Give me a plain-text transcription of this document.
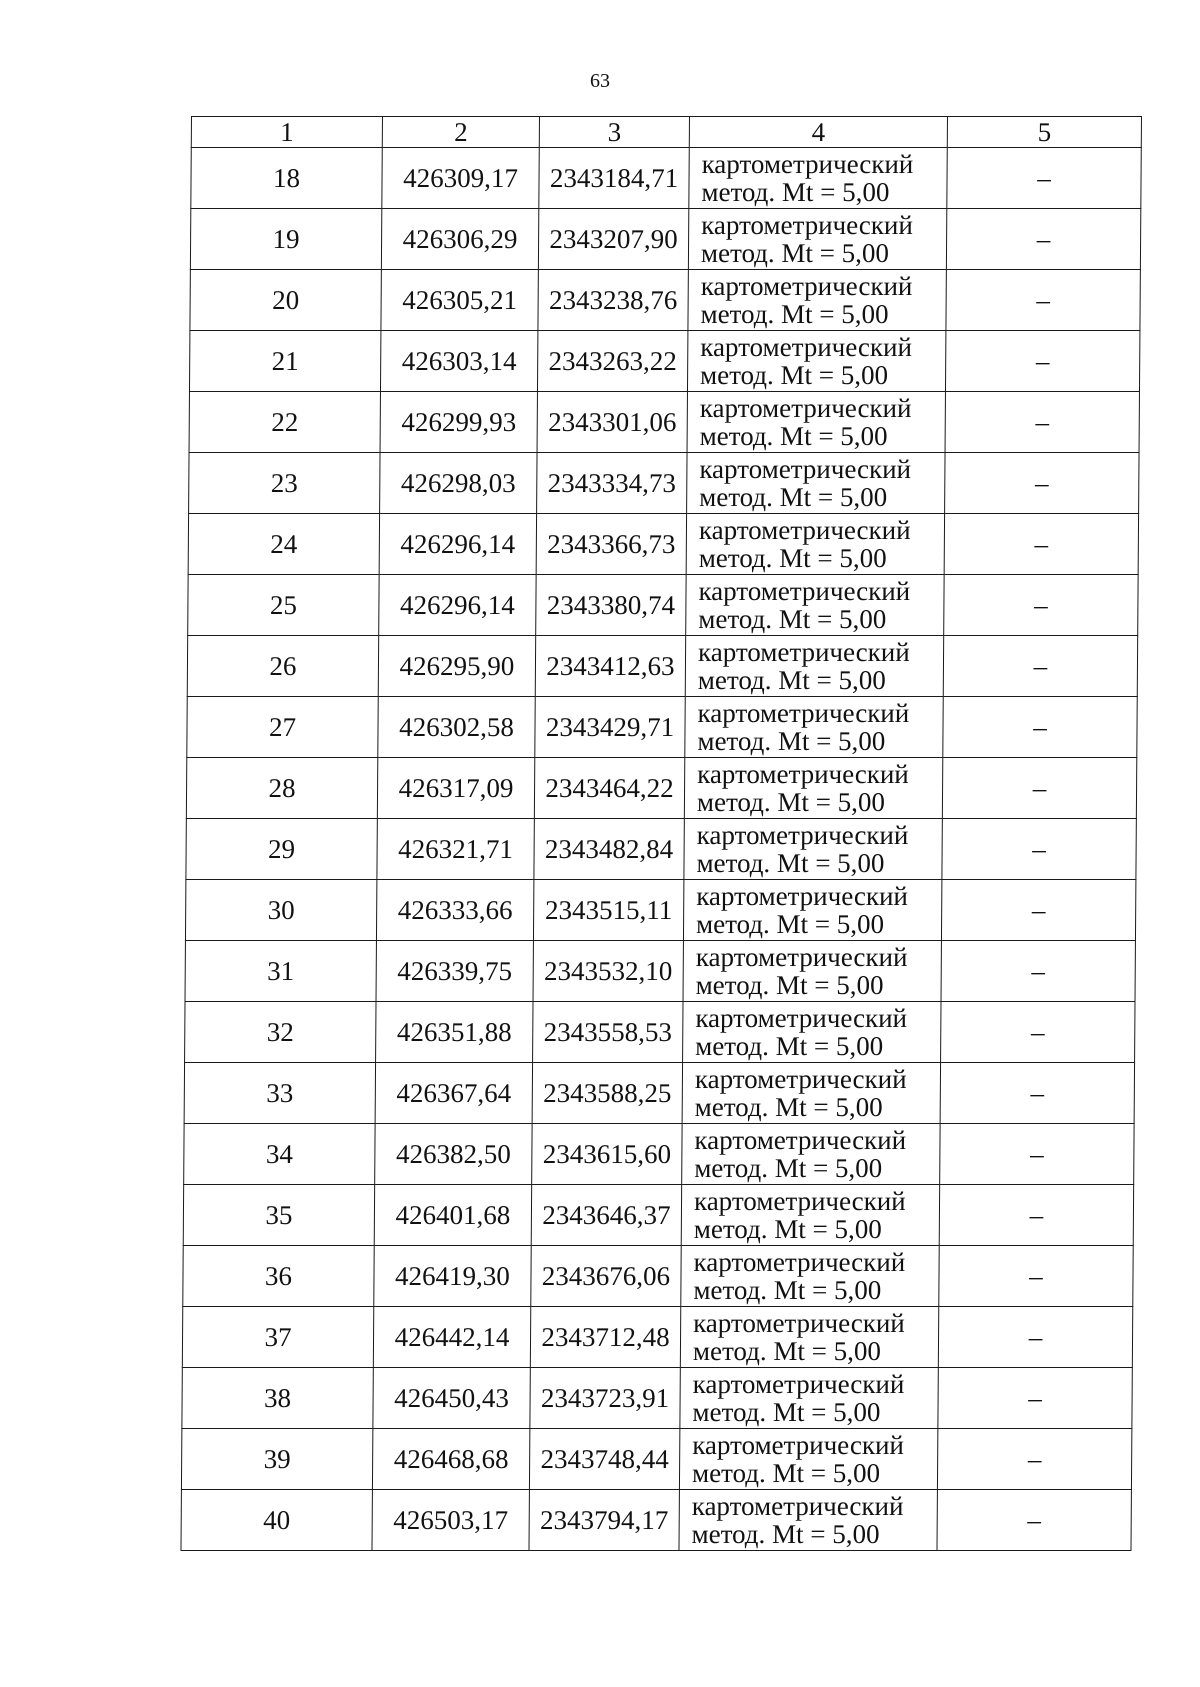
63
1	2	3	4	5
18	426309,17	2343184,71	картометрический
метод. Mt = 5,00	–
19	426306,29	2343207,90	картометрический
метод. Mt = 5,00	–
20	426305,21	2343238,76	картометрический
метод. Mt = 5,00	–
21	426303,14	2343263,22	картометрический
метод. Mt = 5,00	–
22	426299,93	2343301,06	картометрический
метод. Mt = 5,00	–
23	426298,03	2343334,73	картометрический
метод. Mt = 5,00	–
24	426296,14	2343366,73	картометрический
метод. Mt = 5,00	–
25	426296,14	2343380,74	картометрический
метод. Mt = 5,00	–
26	426295,90	2343412,63	картометрический
метод. Mt = 5,00	–
27	426302,58	2343429,71	картометрический
метод. Mt = 5,00	–
28	426317,09	2343464,22	картометрический
метод. Mt = 5,00	–
29	426321,71	2343482,84	картометрический
метод. Mt = 5,00	–
30	426333,66	2343515,11	картометрический
метод. Mt = 5,00	–
31	426339,75	2343532,10	картометрический
метод. Mt = 5,00	–
32	426351,88	2343558,53	картометрический
метод. Mt = 5,00	–
33	426367,64	2343588,25	картометрический
метод. Mt = 5,00	–
34	426382,50	2343615,60	картометрический
метод. Mt = 5,00	–
35	426401,68	2343646,37	картометрический
метод. Mt = 5,00	–
36	426419,30	2343676,06	картометрический
метод. Mt = 5,00	–
37	426442,14	2343712,48	картометрический
метод. Mt = 5,00	–
38	426450,43	2343723,91	картометрический
метод. Mt = 5,00	–
39	426468,68	2343748,44	картометрический
метод. Mt = 5,00	–
40	426503,17	2343794,17	картометрический
метод. Mt = 5,00	–
